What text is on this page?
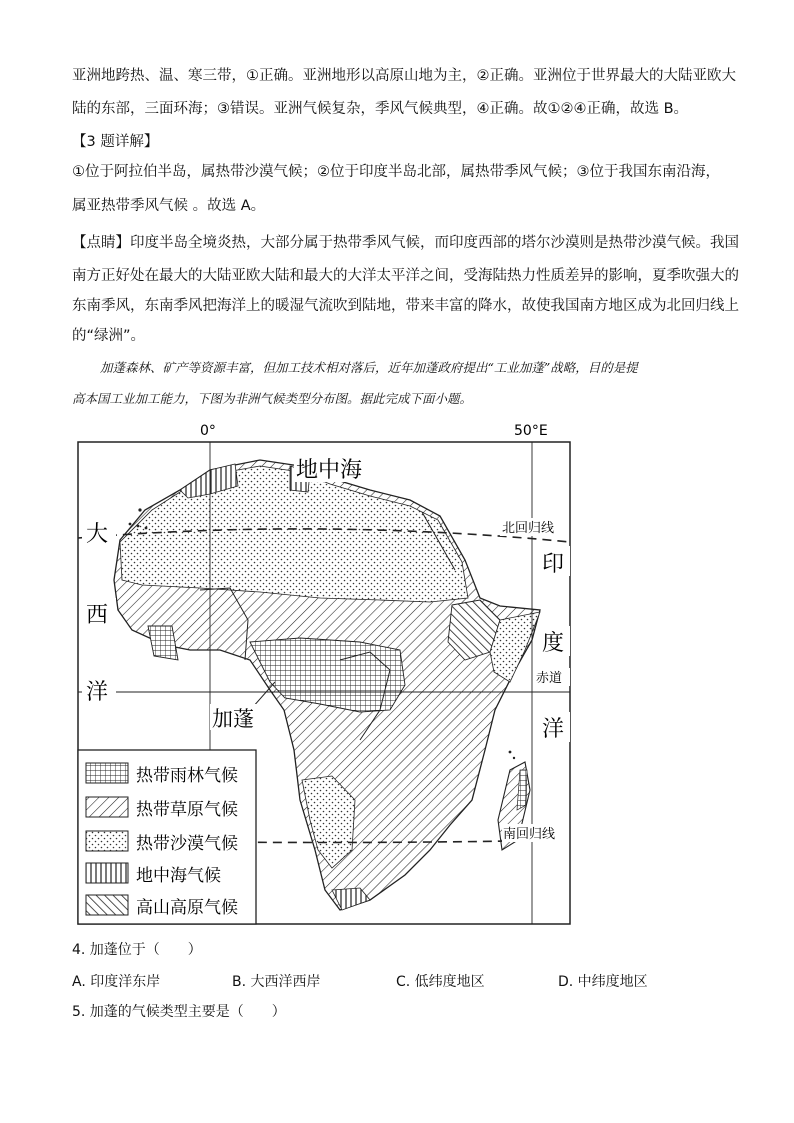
亚洲地跨热、温、寒三带，①正确。亚洲地形以高原山地为主，②正确。亚洲位于世界最大的大陆亚欧大
陆的东部，三面环海；③错误。亚洲气候复杂，季风气候典型，④正确。故①②④正确，故选 B。
【3 题详解】
①位于阿拉伯半岛，属热带沙漠气候；②位于印度半岛北部，属热带季风气候；③位于我国东南沿海，
属亚热带季风气候 。故选 A。
【点睛】印度半岛全境炎热，大部分属于热带季风气候，而印度西部的塔尔沙漠则是热带沙漠气候。我国
南方正好处在最大的大陆亚欧大陆和最大的大洋太平洋之间，受海陆热力性质差异的影响，夏季吹强大的
东南季风，东南季风把海洋上的暖湿气流吹到陆地，带来丰富的降水，故使我国南方地区成为北回归线上
的“绿洲”。
加蓬森林、矿产等资源丰富，但加工技术相对落后，近年加蓬政府提出“工业加蓬”战略，目的是提
高本国工业加工能力，下图为非洲气候类型分布图。据此完成下面小题。
0°	50°E
地中海
大
西
洋
印
度
洋
北回归线
赤道
南回归线
加蓬
热带雨林气候
热带草原气候
热带沙漠气候
地中海气候
高山高原气候
4. 加蓬位于（　　）
A. 印度洋东岸	B. 大西洋西岸	C. 低纬度地区	D. 中纬度地区
5. 加蓬的气候类型主要是（　　）
